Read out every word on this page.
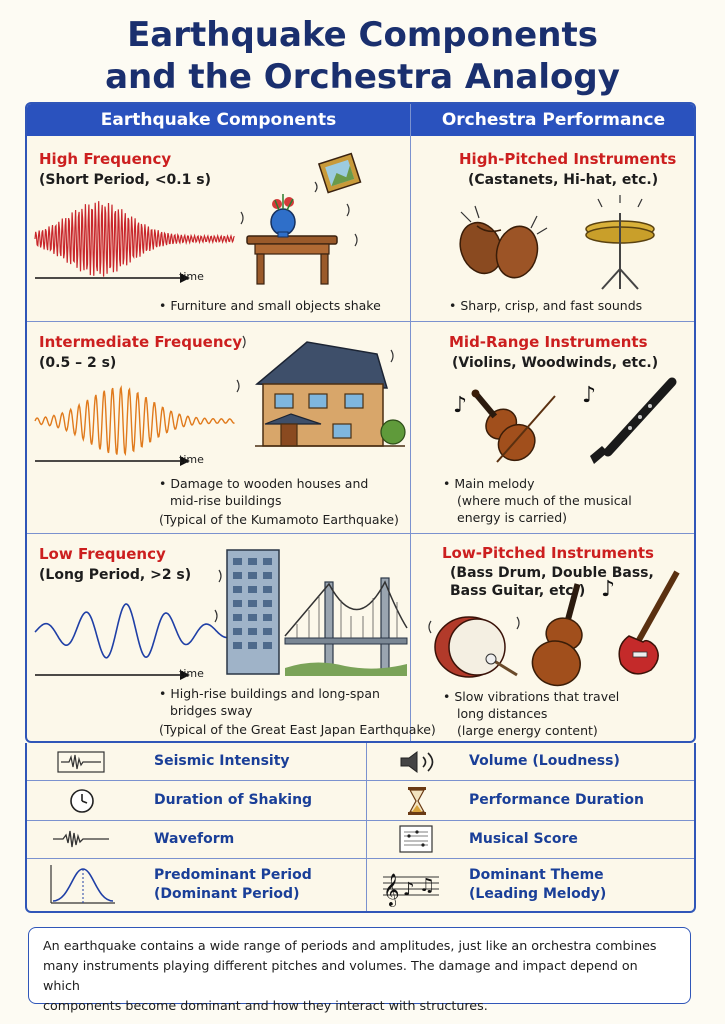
Earthquake Components
and the Orchestra Analogy
Earthquake Components	Orchestra Performance
High Frequency
(Short Period, <0.1 s)
time
• Furniture and small objects shake
High-Pitched Instruments
(Castanets, Hi-hat, etc.)
• Sharp, crisp, and fast sounds
Intermediate Frequency
(0.5 – 2 s)
time
• Damage to wooden houses and
mid-rise buildings
(Typical of the Kumamoto Earthquake)
Mid-Range Instruments
(Violins, Woodwinds, etc.)
♪	♪
• Main melody
(where much of the musical
energy is carried)
Low Frequency
(Long Period, >2 s)
time
• High-rise buildings and long-span
bridges sway
(Typical of the Great East Japan Earthquake)
Low-Pitched Instruments
(Bass Drum, Double Bass,
Bass Guitar, etc.) ♪
• Slow vibrations that travel
long distances
(large energy content)
Seismic Intensity	Volume (Loudness)
Duration of Shaking	Performance Duration
Waveform	Musical Score
Predominant Period
(Dominant Period)	𝄞 ♪ ♫ Dominant Theme
(Leading Melody)
An earthquake contains a wide range of periods and amplitudes, just like an orchestra combines
many instruments playing different pitches and volumes. The damage and impact depend on which
components become dominant and how they interact with structures.
